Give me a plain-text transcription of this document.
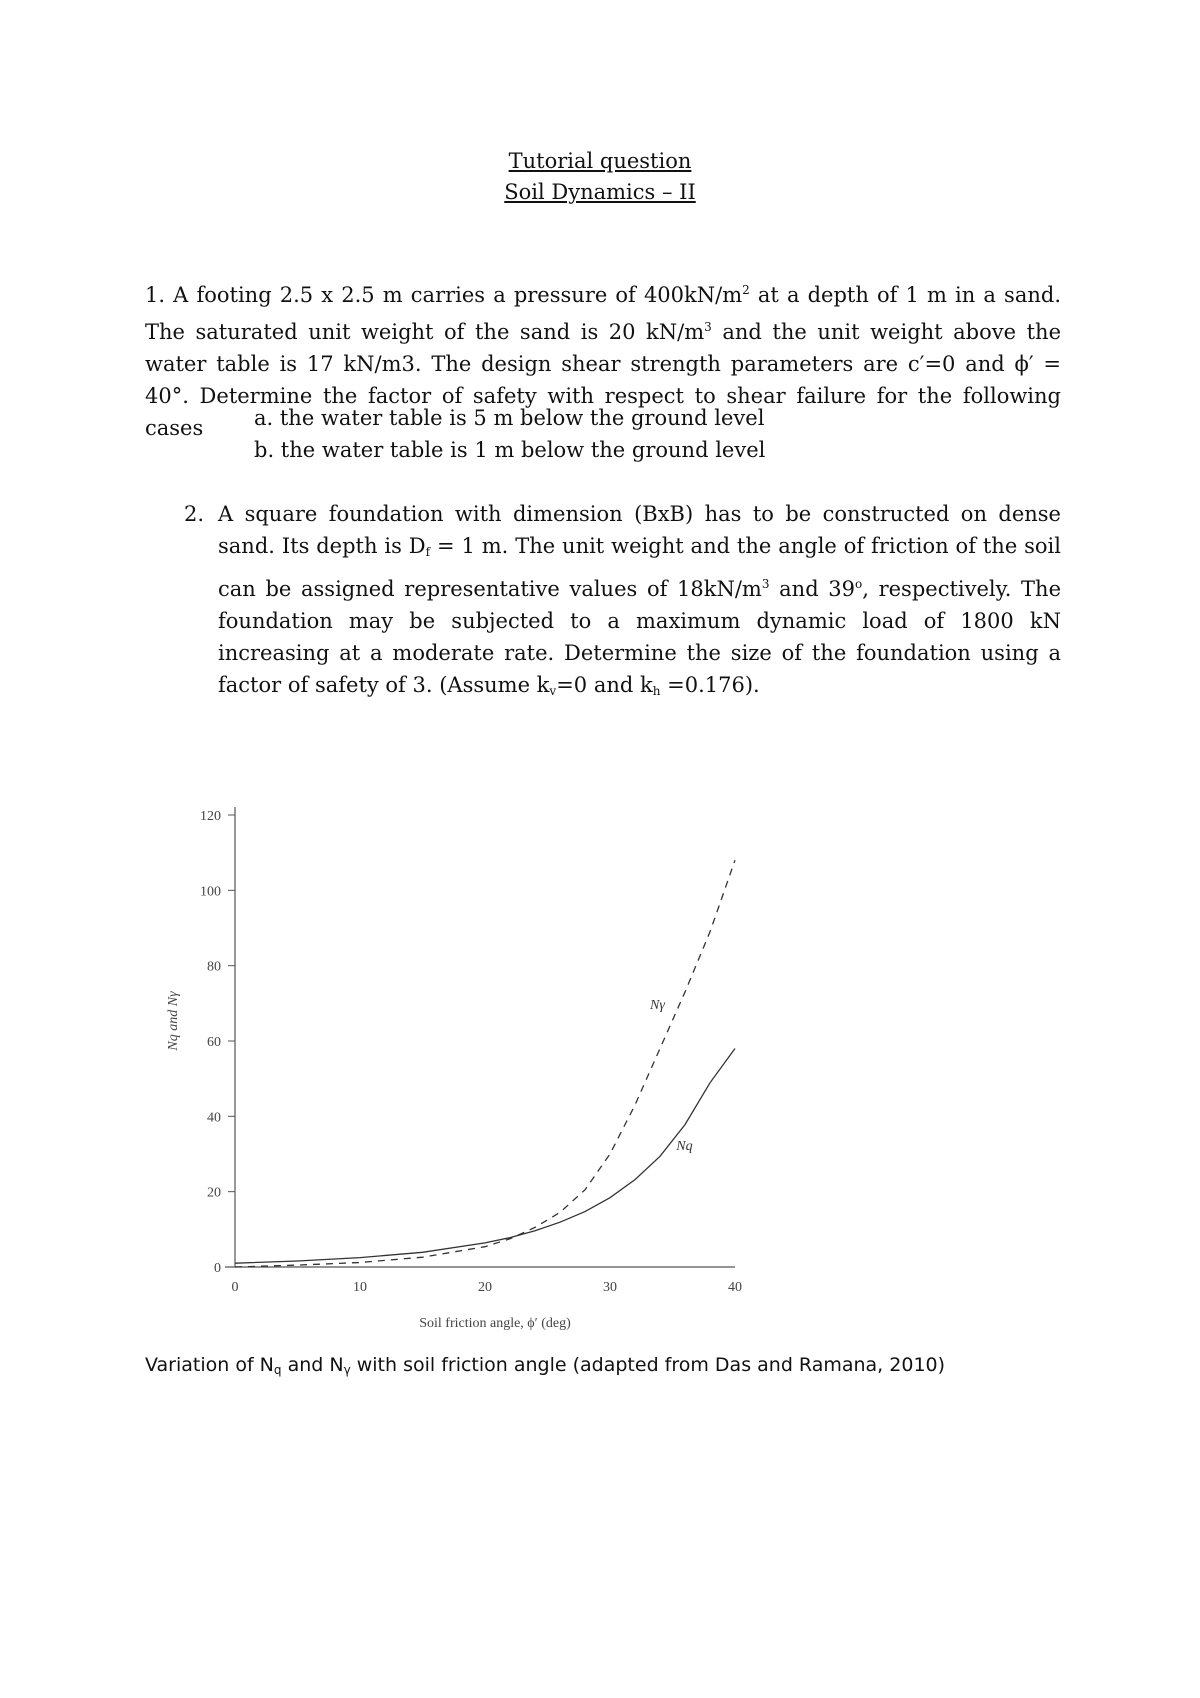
Tutorial question
Soil Dynamics – II
1. A footing 2.5 x 2.5 m carries a pressure of $400kN/m^2$ at a depth of 1 m in a sand. The saturated unit weight of the sand is 20 $kN/m^3$ and the unit weight above the water table is 17 kN/m3. The design shear strength parameters are c′=0 and ϕ′ = 40°. Determine the factor of safety with respect to shear failure for the following cases	a. the water table is 5 m below the ground level
b. the water table is 1 m below the ground level
2. A square foundation with dimension (BxB) has to be constructed on dense sand. Its depth is Df = 1 m. The unit weight and the angle of friction of the soil can be assigned representative values of $18kN/m^3$ and 39$^o$, respectively. The foundation may be subjected to a maximum dynamic load of 1800 kN increasing at a moderate rate. Determine the size of the foundation using a factor of safety of 3. (Assume kv=0 and kh =0.176).
0
20
40
60
80
100
120
0	10	20	30	40
Soil friction angle, ϕ′ (deg)
Nq and Nγ
Nq
Nγ
Variation of Nq and Nγ with soil friction angle (adapted from Das and Ramana, 2010)
